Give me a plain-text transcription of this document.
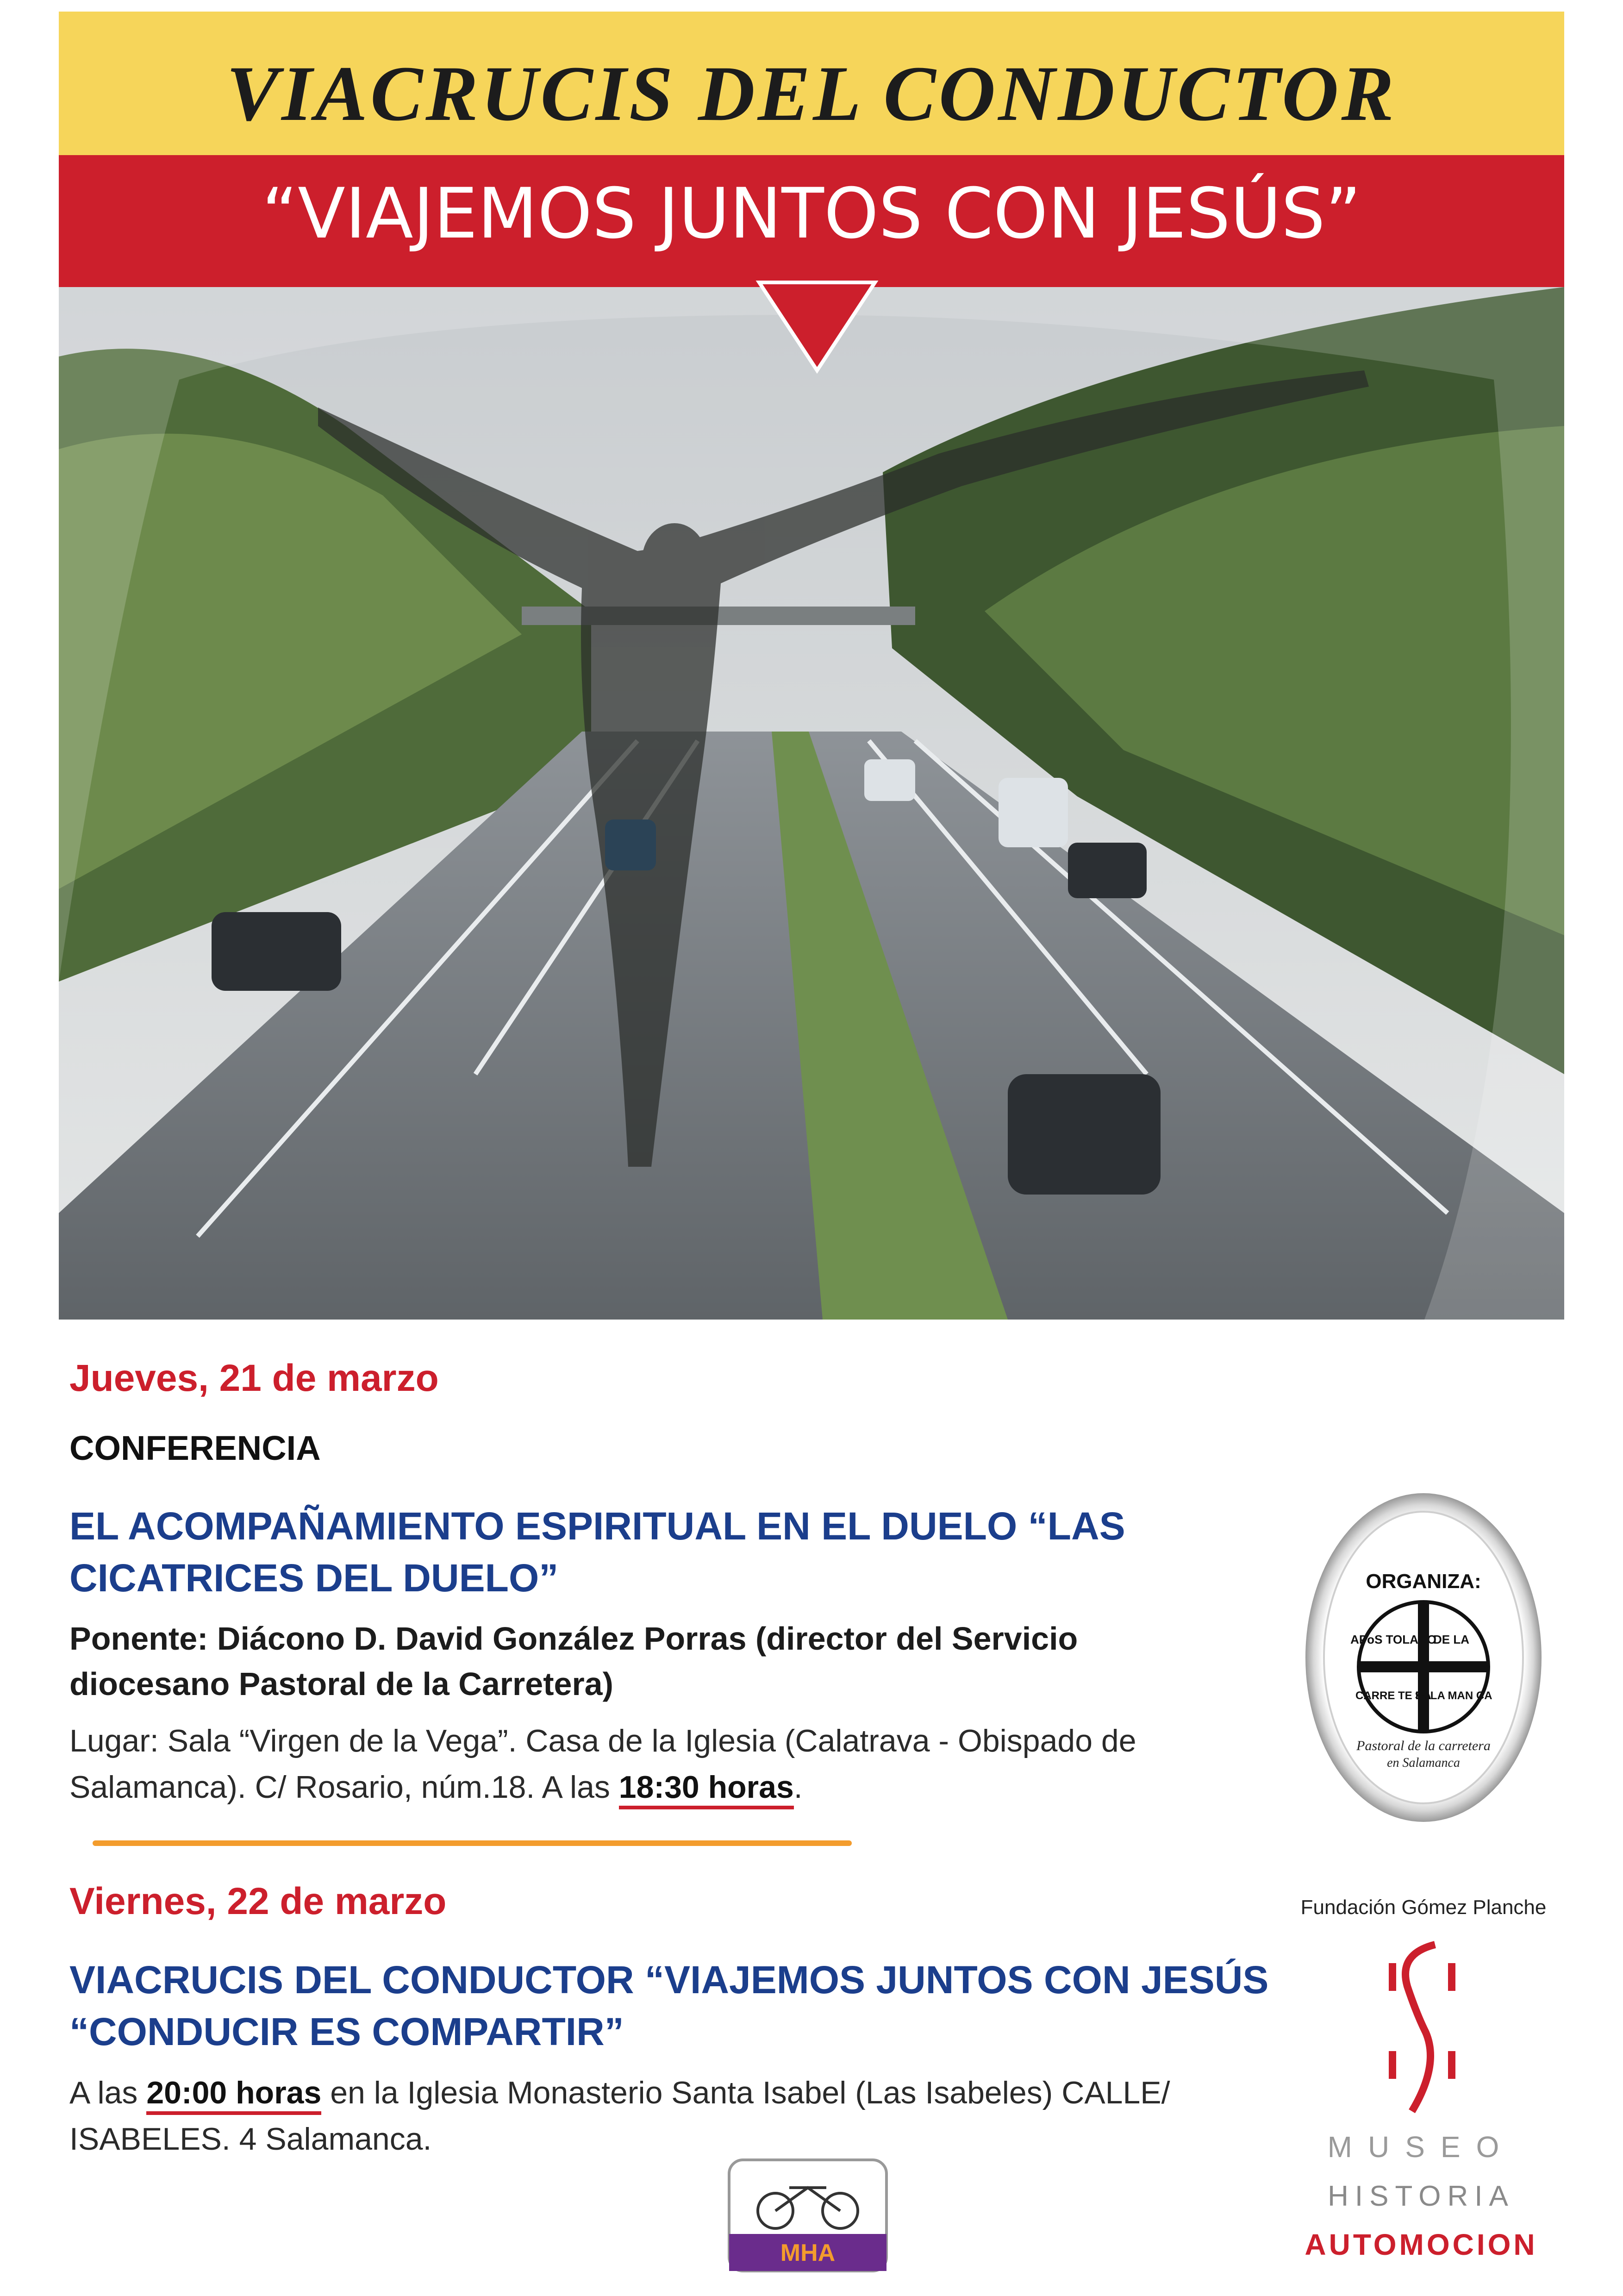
VIACRUCIS DEL CONDUCTOR
“VIAJEMOS JUNTOS CON JESÚS”
Jueves, 21 de marzo
CONFERENCIA
EL ACOMPAÑAMIENTO ESPIRITUAL EN EL DUELO “LAS CICATRICES DEL DUELO”
Ponente: Diácono D. David González Porras (director del Servicio diocesano Pastoral de la Carretera)
Lugar: Sala “Virgen de la Vega”. Casa de la Iglesia (Calatrava - Obispado de Salamanca). C/ Rosario, núm.18. A las 18:30 horas.
Viernes, 22 de marzo
VIACRUCIS DEL CONDUCTOR “VIAJEMOS JUNTOS CON JESÚS “CONDUCIR ES COMPARTIR”
A las 20:00 horas en la Iglesia Monasterio Santa Isabel (Las Isabeles) CALLE/ ISABELES. 4 Salamanca.
ORGANIZA:
APoS TOLADO
DE LA
CARRE TE RA
SALA MAN CA
Pastoral de la carretera
en Salamanca
Fundación Gómez Planche
MUSEO
HISTORIA
AUTOMOCION
MHA
